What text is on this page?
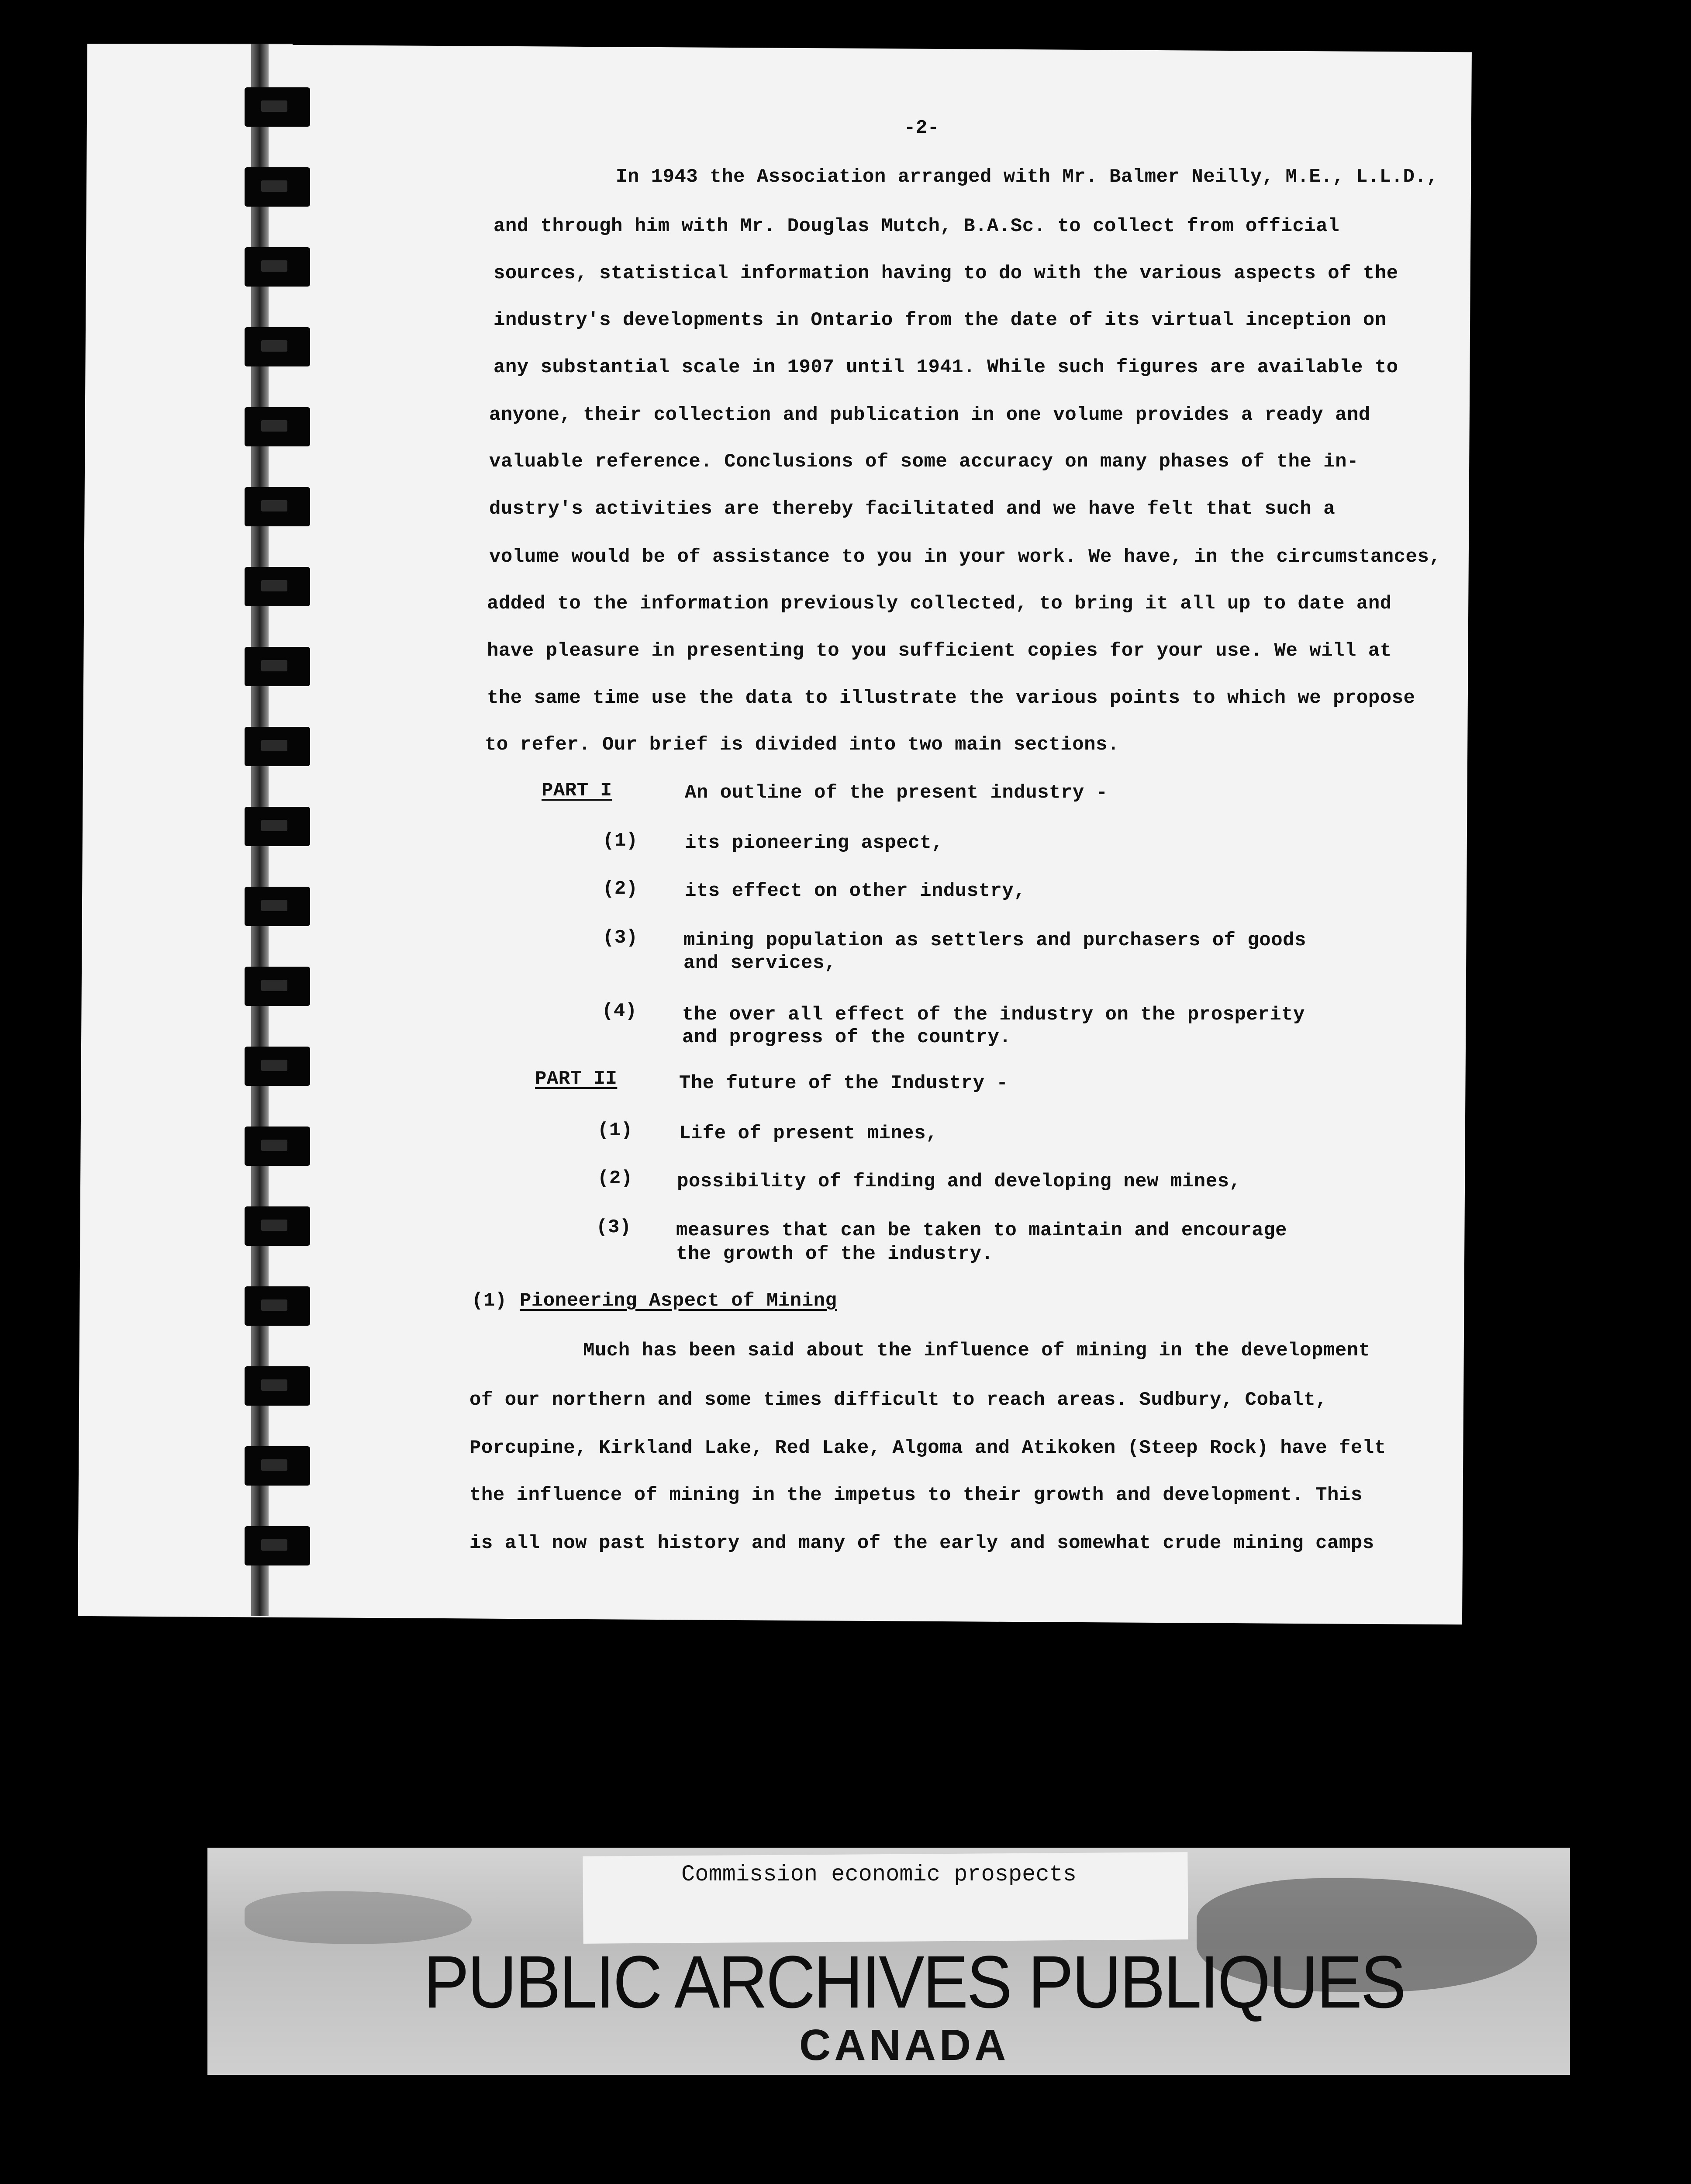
-2-
In 1943 the Association arranged with Mr. Balmer Neilly, M.E., L.L.D.,
and through him with Mr. Douglas Mutch, B.A.Sc. to collect from official
sources, statistical information having to do with the various aspects of the
industry's developments in Ontario from the date of its virtual inception on
any substantial scale in 1907 until 1941. While such figures are available to
anyone, their collection and publication in one volume provides a ready and
valuable reference. Conclusions of some accuracy on many phases of the in-
dustry's activities are thereby facilitated and we have felt that such a
volume would be of assistance to you in your work. We have, in the circumstances,
added to the information previously collected, to bring it all up to date and
have pleasure in presenting to you sufficient copies for your use. We will at
the same time use the data to illustrate the various points to which we propose
to refer. Our brief is divided into two main sections.
PART I	An outline of the present industry -
(1) its pioneering aspect,
(2) its effect on other industry,
(3) mining population as settlers and purchasers of goods
and services,
(4) the over all effect of the industry on the prosperity
and progress of the country.
PART II	The future of the Industry -
(1) Life of present mines,
(2) possibility of finding and developing new mines,
(3) measures that can be taken to maintain and encourage
the growth of the industry.
(1) Pioneering Aspect of Mining
Much has been said about the influence of mining in the development
of our northern and some times difficult to reach areas. Sudbury, Cobalt,
Porcupine, Kirkland Lake, Red Lake, Algoma and Atikoken (Steep Rock) have felt
the influence of mining in the impetus to their growth and development. This
is all now past history and many of the early and somewhat crude mining camps
Commission economic prospects
PUBLIC ARCHIVES PUBLIQUES
CANADA
